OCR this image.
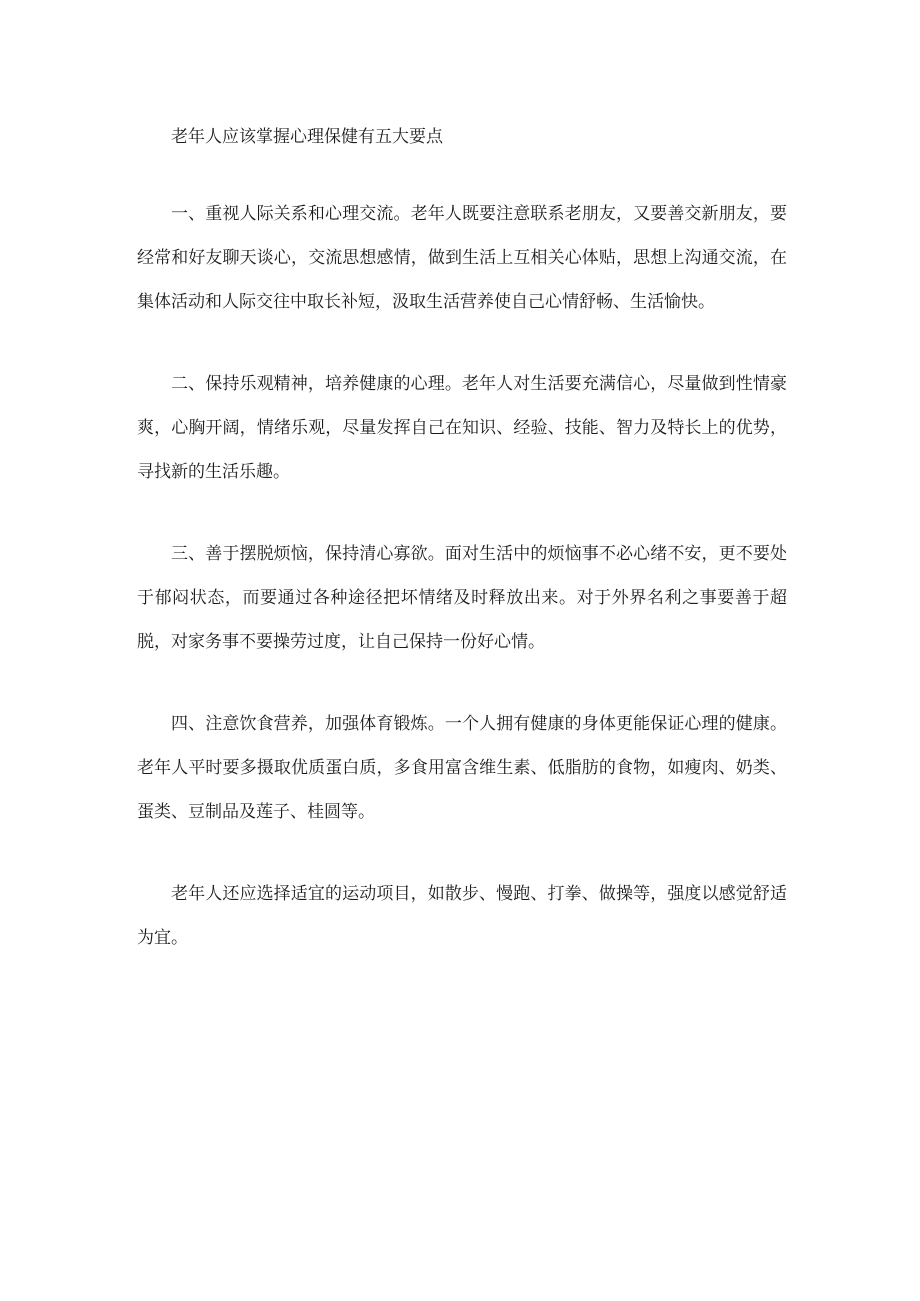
老年人应该掌握心理保健有五大要点

一、重视人际关系和心理交流。老年人既要注意联系老朋友，又要善交新朋友，要经常和好友聊天谈心，交流思想感情，做到生活上互相关心体贴，思想上沟通交流，在集体活动和人际交往中取长补短，汲取生活营养使自己心情舒畅、生活愉快。

二、保持乐观精神，培养健康的心理。老年人对生活要充满信心，尽量做到性情豪爽，心胸开阔，情绪乐观，尽量发挥自己在知识、经验、技能、智力及特长上的优势，寻找新的生活乐趣。

三、善于摆脱烦恼，保持清心寡欲。面对生活中的烦恼事不必心绪不安，更不要处于郁闷状态，而要通过各种途径把坏情绪及时释放出来。对于外界名利之事要善于超脱，对家务事不要操劳过度，让自己保持一份好心情。

四、注意饮食营养，加强体育锻炼。一个人拥有健康的身体更能保证心理的健康。老年人平时要多摄取优质蛋白质，多食用富含维生素、低脂肪的食物，如瘦肉、奶类、蛋类、豆制品及莲子、桂圆等。

老年人还应选择适宜的运动项目，如散步、慢跑、打拳、做操等，强度以感觉舒适为宜。
